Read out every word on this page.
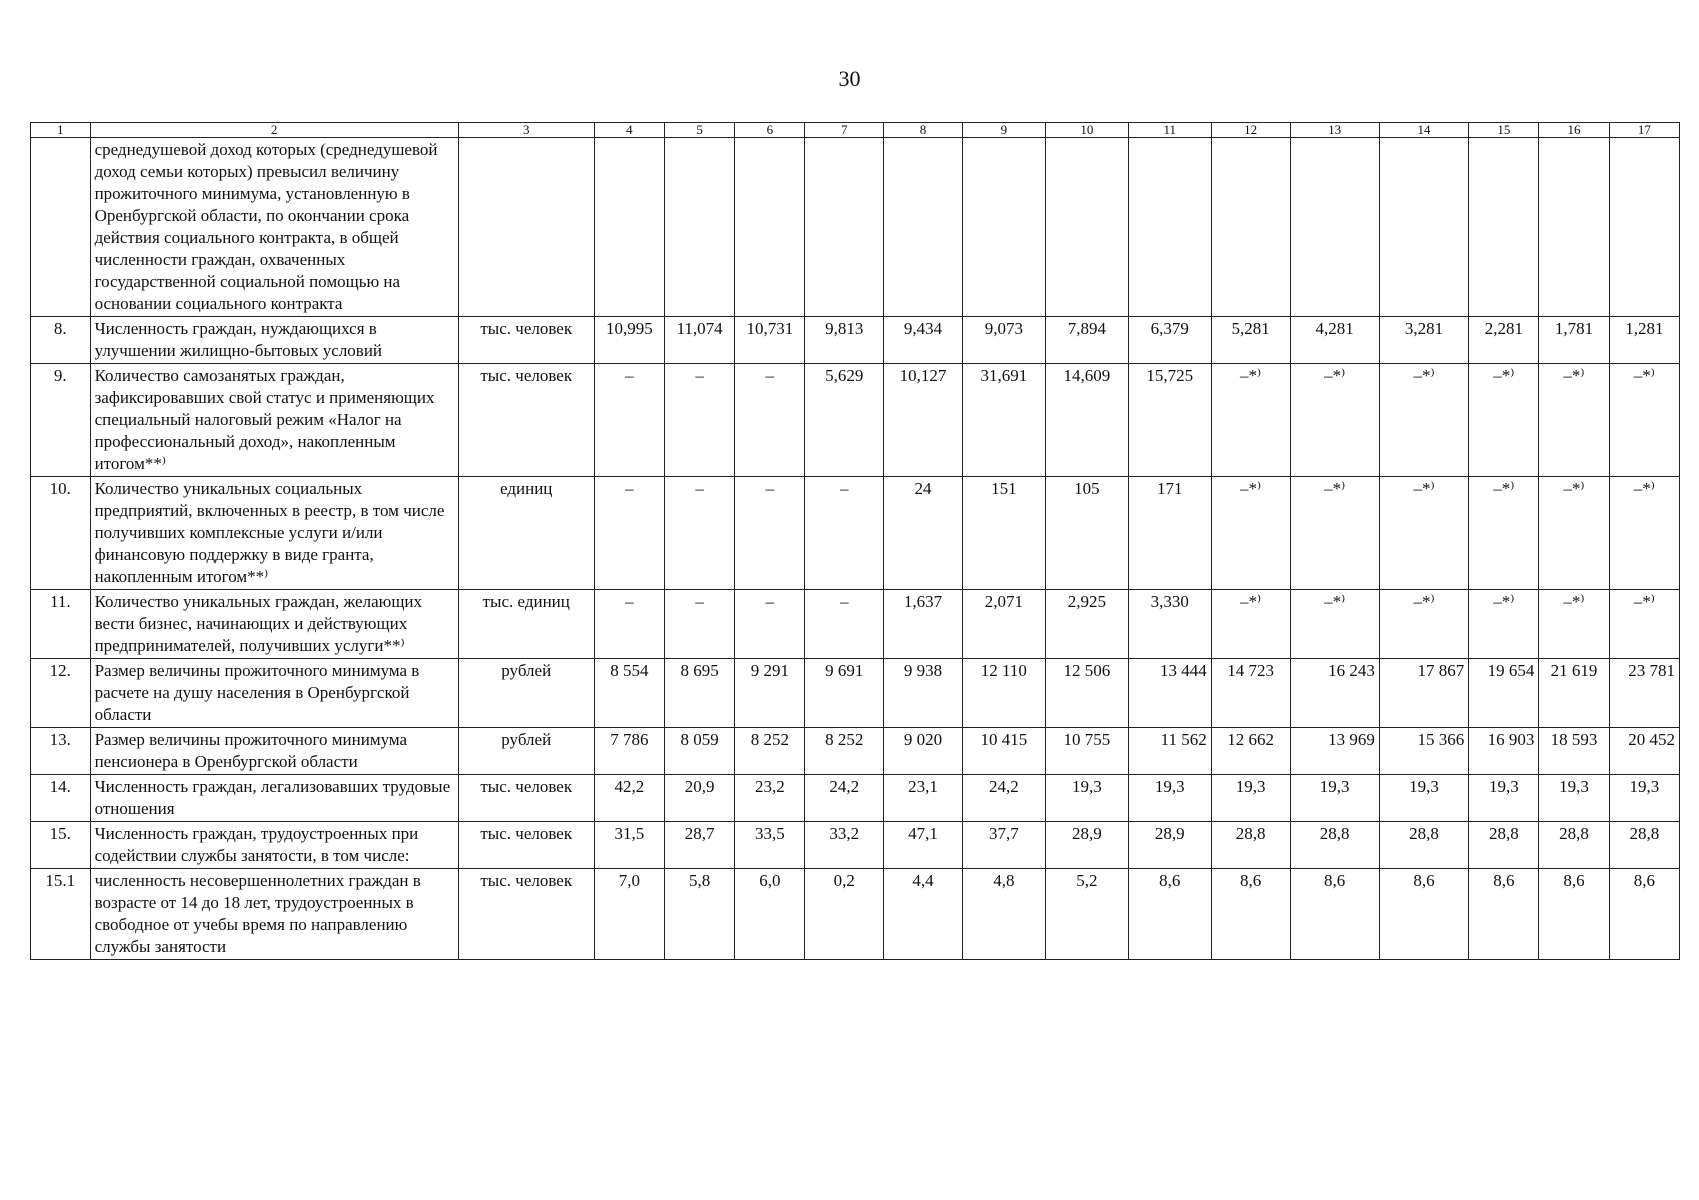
30
1	2	3	4	5	6	7	8	9	10	11	12	13	14	15	16	17
	среднедушевой доход которых (среднедушевой доход семьи которых) превысил величину прожиточного минимума, установленную в Оренбургской области, по окончании срока действия социального контракта, в общей численности граждан, охваченных государственной социальной помощью на основании социального контракта															
8.	Численность граждан, нуждающихся в улучшении жилищно-бытовых условий	тыс. человек	10,995	11,074	10,731	9,813	9,434	9,073	7,894	6,379	5,281	4,281	3,281	2,281	1,781	1,281
9.	Количество самозанятых граждан, зафиксировавших свой статус и применяющих специальный налоговый режим «Налог на профессиональный доход», накопленным итогом**⁾	тыс. человек	–	–	–	5,629	10,127	31,691	14,609	15,725	–*⁾	–*⁾	–*⁾	–*⁾	–*⁾	–*⁾
10.	Количество уникальных социальных предприятий, включенных в реестр, в том числе получивших комплексные услуги и/или финансовую поддержку в виде гранта, накопленным итогом**⁾	единиц	–	–	–	–	24	151	105	171	–*⁾	–*⁾	–*⁾	–*⁾	–*⁾	–*⁾
11.	Количество уникальных граждан, желающих вести бизнес, начинающих и действующих предпринимателей, получивших услуги**⁾	тыс. единиц	–	–	–	–	1,637	2,071	2,925	3,330	–*⁾	–*⁾	–*⁾	–*⁾	–*⁾	–*⁾
12.	Размер величины прожиточного минимума в расчете на душу населения в Оренбургской области	рублей	8 554	8 695	9 291	9 691	9 938	12 110	12 506	13 444	14 723	16 243	17 867	19 654	21 619	23 781
13.	Размер величины прожиточного минимума пенсионера в Оренбургской области	рублей	7 786	8 059	8 252	8 252	9 020	10 415	10 755	11 562	12 662	13 969	15 366	16 903	18 593	20 452
14.	Численность граждан, легализовавших трудовые отношения	тыс. человек	42,2	20,9	23,2	24,2	23,1	24,2	19,3	19,3	19,3	19,3	19,3	19,3	19,3	19,3
15.	Численность граждан, трудоустроенных при содействии службы занятости, в том числе:	тыс. человек	31,5	28,7	33,5	33,2	47,1	37,7	28,9	28,9	28,8	28,8	28,8	28,8	28,8	28,8
15.1	численность несовершеннолетних граждан в возрасте от 14 до 18 лет, трудоустроенных в свободное от учебы время по направлению службы занятости	тыс. человек	7,0	5,8	6,0	0,2	4,4	4,8	5,2	8,6	8,6	8,6	8,6	8,6	8,6	8,6
